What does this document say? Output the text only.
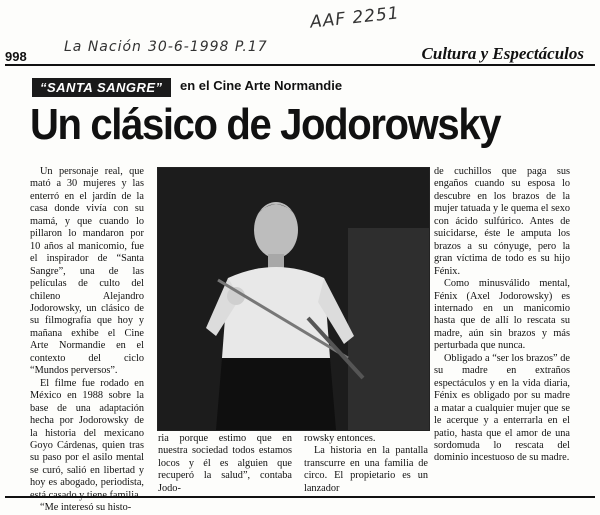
AAF 2251
La Nación 30-6-1998 P.17
998	Cultura y Espectáculos
“SANTA SANGRE”	en el Cine Arte Normandie
Un clásico de Jodorowsky

Un personaje real, que mató a 30 mujeres y las enterró en el jardín de la casa donde vivía con su mamá, y que cuando lo pillaron lo mandaron por 10 años al manicomio, fue el inspirador de “Santa Sangre”, una de las películas de culto del chileno Alejandro Jodorowsky, un clásico de su filmografía que hoy y mañana exhibe el Cine Arte Normandie en el contexto del ciclo “Mundos perversos”.

El filme fue rodado en México en 1988 sobre la base de una adaptación hecha por Jodorowsky de la historia del mexicano Goyo Cárdenas, quien tras su paso por el asilo mental se curó, salió en libertad y hoy es abogado, periodista, está casado y tiene familia.

“Me interesó su histo-

ria porque estimo que en nuestra sociedad todos estamos locos y él es alguien que recuperó la salud”, contaba Jodo-

rowsky entonces.

La historia en la pantalla transcurre en una familia de circo. El propietario es un lanzador

de cuchillos que paga sus engaños cuando su esposa lo descubre en los brazos de la mujer tatuada y le quema el sexo con ácido sulfúrico. Antes de suicidarse, éste le amputa los brazos a su cónyuge, pero la gran víctima de todo es su hijo Fénix.

Como minusválido mental, Fénix (Axel Jodorowsky) es internado en un manicomio hasta que de allí lo rescata su madre, aún sin brazos y más perturbada que nunca.

Obligado a “ser los brazos” de su madre en extraños espectáculos y en la vida diaria, Fénix es obligado por su madre a matar a cualquier mujer que se le acerque y a enterrarla en el patio, hasta que el amor de una sordomuda lo rescata del dominio incestuoso de su madre.
